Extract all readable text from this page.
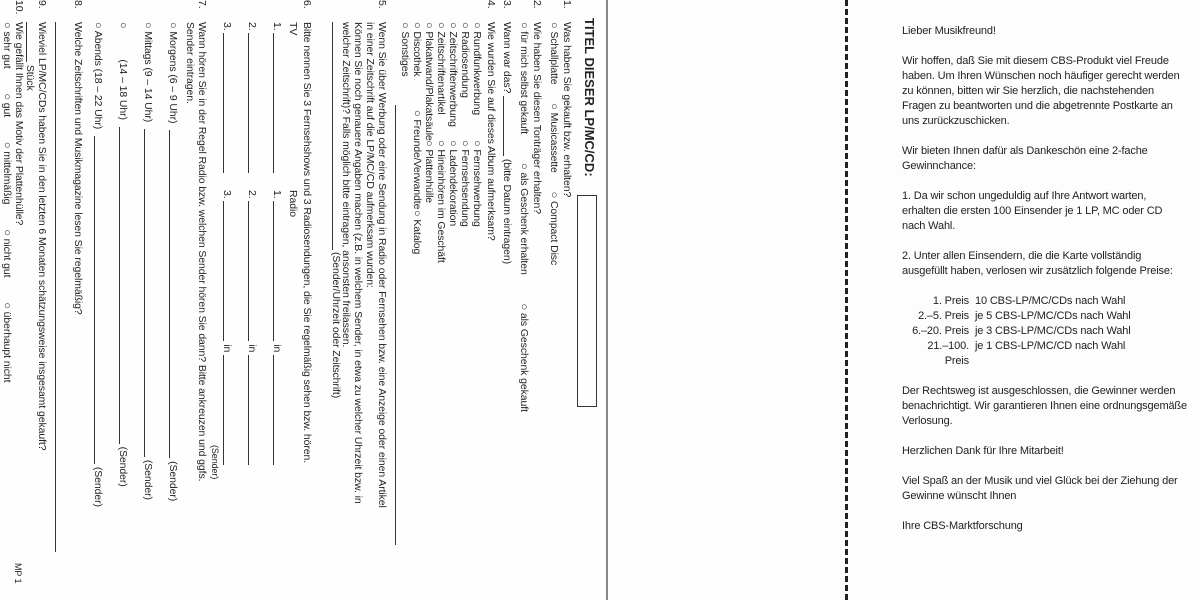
TITEL DIESER LP/MC/CD:
1.Was haben Sie gekauft bzw. erhalten?
○ Schallplatte ○ Musicassette ○ Compact Disc
2.Wie haben Sie diesen Tonträger erhalten?
○ für mich selbst gekauft ○ als Geschenk erhalten ○ als Geschenk gekauft
3.Wann war das?  (bitte Datum eintragen)
4.Wie wurden Sie auf dieses Album aufmerksam?
○ Rundfunkwerbung
○ Fernsehwerbung
○ Radiosendung
○ Fernsehsendung
○ Zeitschriftenwerbung
○ Ladendekoration
○ Zeitschriftenartikel
○ Hineinhören im Geschäft
○ Plakatwand/Plakatsäule
○ Plattenhülle
○ Discothek
○ Freunde/Verwandte
○ Katalog
○ Sonstiges
5.Wenn Sie über Werbung oder eine Sendung in Radio oder Fernsehen bzw. eine Anzeige oder einen Artikel
in einer Zeitschrift auf die LP/MC/CD aufmerksam wurden:
Können Sie noch genauere Angaben machen (z.B. in welchem Sender, in etwa zu welcher Uhrzeit bzw. in
welcher Zeitschrift)? Falls möglich bitte eintragen, ansonsten freilassen.
(Sender/Uhrzeit oder Zeitschrift)
6.Bitte nennen Sie 3 Fernsehshows und 3 Radiosendungen, die Sie regelmäßig sehen bzw. hören.
TV
Radio
1.
1.  in
2.
2.  in
3.
3.  in
(Sender)
7.Wann hören Sie in der Regel Radio bzw. welchen Sender hören Sie dann? Bitte ankreuzen und ggfs.
Sender eintragen.
○ Morgens (6 – 9 Uhr)  (Sender)
○ Mittags (9 – 14 Uhr)  (Sender)
○ (14 – 18 Uhr)  (Sender)
○ Abends (18 – 22 Uhr)  (Sender)
8.Welche Zeitschriften und Musikmagazine lesen Sie regelmäßig?
9.Wieviel LP/MC/CDs haben Sie in den letzten 6 Monaten schätzungsweise insgesamt gekauft?
Stück
10.Wie gefällt Ihnen das Motiv der Plattenhülle?
○ sehr gut ○ gut ○ mittelmäßig ○ nicht gut ○ überhaupt nicht
MP 1

Lieber Musikfreund!

Wir hoffen, daß Sie mit diesem CBS-Produkt viel Freude haben. Um Ihren Wünschen noch häufiger gerecht werden zu können, bitten wir Sie herzlich, die nachstehenden Fragen zu beantworten und die abgetrennte Postkarte an uns zurückzuschicken.

Wir bieten Ihnen dafür als Dankeschön eine 2-fache Gewinnchance:

1. Da wir schon ungeduldig auf Ihre Antwort warten, erhalten die ersten 100 Einsender je 1 LP, MC oder CD nach Wahl.

2. Unter allen Einsendern, die die Karte vollständig ausgefüllt haben, verlosen wir zusätzlich folgende Preise:

1. Preis 10 CBS-LP/MC/CDs nach Wahl
2.–5. Preis je 5 CBS-LP/MC/CDs nach Wahl
6.–20. Preis je 3 CBS-LP/MC/CDs nach Wahl
21.–100. Preis
je 1 CBS-LP/MC/CD nach Wahl

Der Rechtsweg ist ausgeschlossen, die Gewinner werden benachrichtigt. Wir garantieren Ihnen eine ordnungsgemäße Verlosung.

Herzlichen Dank für Ihre Mitarbeit!

Viel Spaß an der Musik und viel Glück bei der Ziehung der Gewinne wünscht Ihnen

Ihre CBS-Marktforschung
